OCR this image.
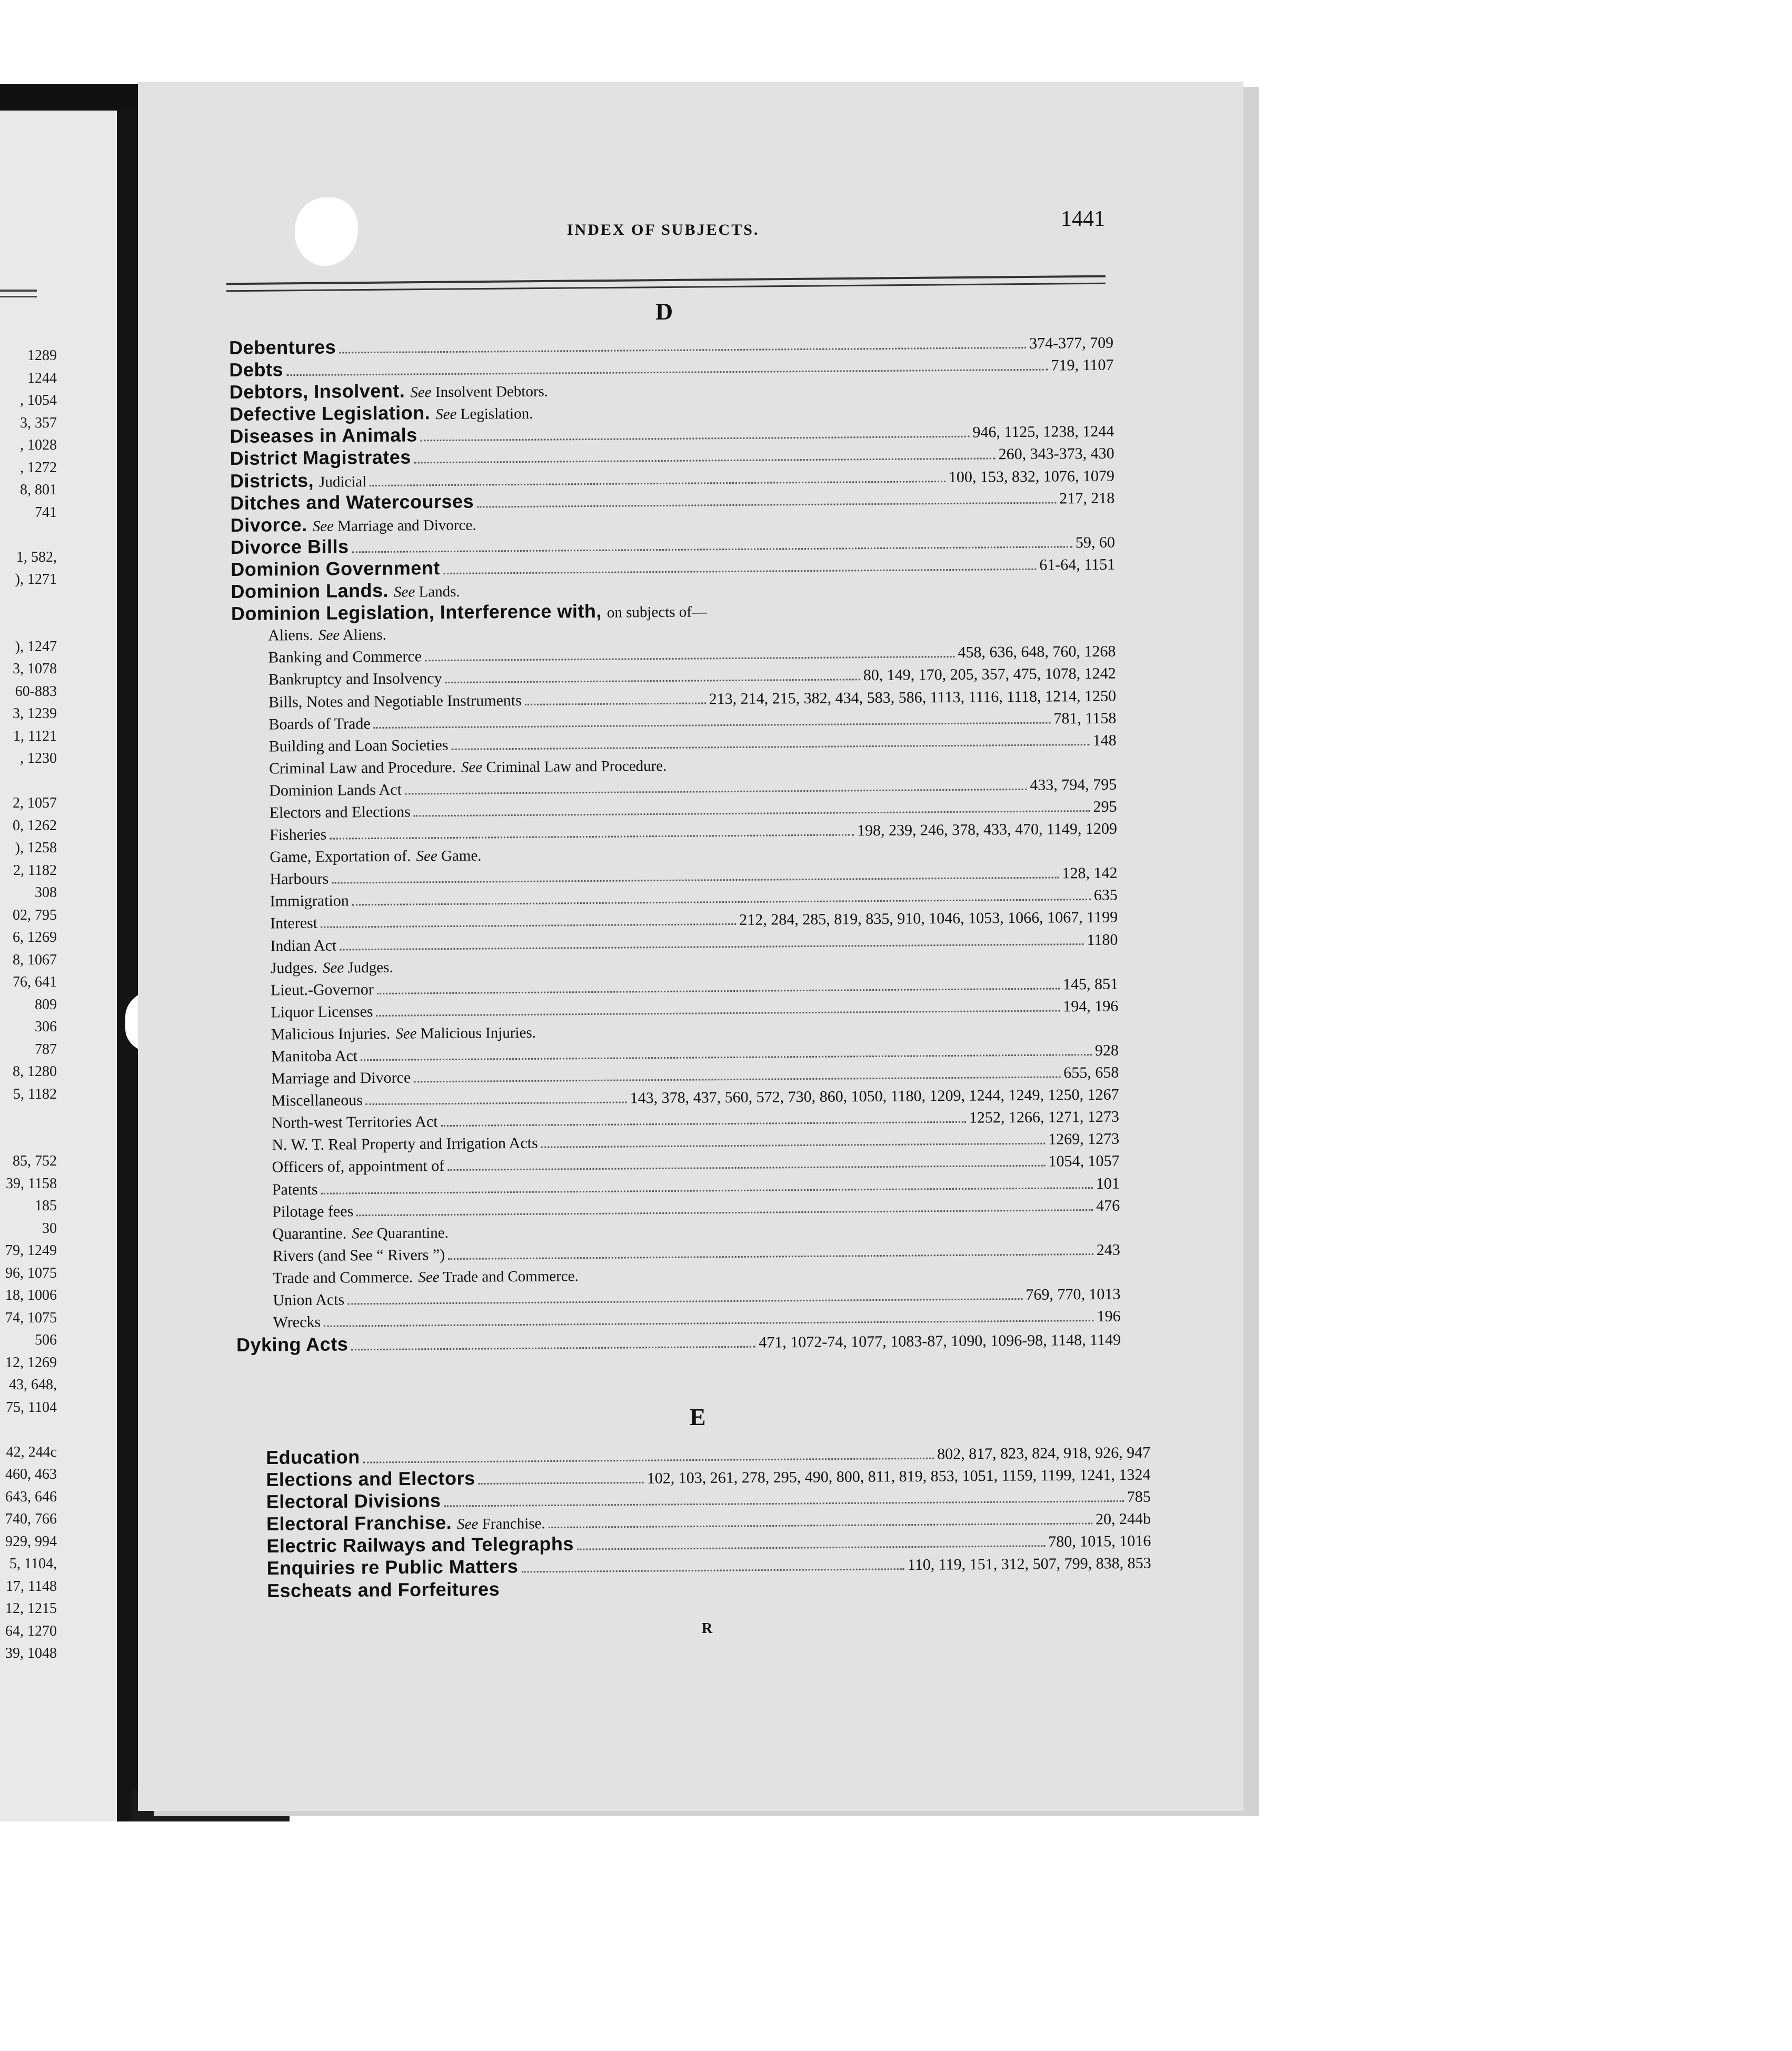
1289
1244
, 1054
3, 357
, 1028
, 1272
8, 801
741
1, 582,
), 1271
), 1247
3, 1078
60-883
3, 1239
1, 1121
, 1230
2, 1057
0, 1262
), 1258
2, 1182
308
02, 795
6, 1269
8, 1067
76, 641
809
306
787
8, 1280
5, 1182
85, 752
39, 1158
185
30
79, 1249
96, 1075
18, 1006
74, 1075
506
12, 1269
43, 648,
75, 1104
42, 244c
460, 463
643, 646
740, 766
929, 994
5, 1104,
17, 1148
12, 1215
64, 1270
39, 1048
INDEX OF SUBJECTS.	1441
D
Debentures	374-377, 709
Debts	719, 1107
Debtors, Insolvent. See Insolvent Debtors.
Defective Legislation. See Legislation.
Diseases in Animals	946, 1125, 1238, 1244
District Magistrates	260, 343-373, 430
Districts, Judicial	100, 153, 832, 1076, 1079
Ditches and Watercourses	217, 218
Divorce. See Marriage and Divorce.
Divorce Bills	59, 60
Dominion Government	61-64, 1151
Dominion Lands. See Lands.
Dominion Legislation, Interference with, on subjects of—
Aliens. See Aliens.
Banking and Commerce	458, 636, 648, 760, 1268
Bankruptcy and Insolvency	80, 149, 170, 205, 357, 475, 1078, 1242
Bills, Notes and Negotiable Instruments	213, 214, 215, 382, 434, 583, 586, 1113, 1116, 1118, 1214, 1250
Boards of Trade	781, 1158
Building and Loan Societies	148
Criminal Law and Procedure. See Criminal Law and Procedure.
Dominion Lands Act	433, 794, 795
Electors and Elections	295
Fisheries	198, 239, 246, 378, 433, 470, 1149, 1209
Game, Exportation of. See Game.
Harbours	128, 142
Immigration	635
Interest	212, 284, 285, 819, 835, 910, 1046, 1053, 1066, 1067, 1199
Indian Act	1180
Judges. See Judges.
Lieut.-Governor	145, 851
Liquor Licenses	194, 196
Malicious Injuries. See Malicious Injuries.
Manitoba Act	928
Marriage and Divorce	655, 658
Miscellaneous	143, 378, 437, 560, 572, 730, 860, 1050, 1180, 1209, 1244, 1249, 1250, 1267
North-west Territories Act	1252, 1266, 1271, 1273
N. W. T. Real Property and Irrigation Acts	1269, 1273
Officers of, appointment of	1054, 1057
Patents	101
Pilotage fees	476
Quarantine. See Quarantine.
Rivers (and See “ Rivers ”)	243
Trade and Commerce. See Trade and Commerce.
Union Acts	769, 770, 1013
Wrecks	196
Dyking Acts	471, 1072-74, 1077, 1083-87, 1090, 1096-98, 1148, 1149
E
Education	802, 817, 823, 824, 918, 926, 947
Elections and Electors	102, 103, 261, 278, 295, 490, 800, 811, 819, 853, 1051, 1159, 1199, 1241, 1324
Electoral Divisions	785
Electoral Franchise. See Franchise.	20, 244b
Electric Railways and Telegraphs	780, 1015, 1016
Enquiries re Public Matters	110, 119, 151, 312, 507, 799, 838, 853
Escheats and Forfeitures
R
